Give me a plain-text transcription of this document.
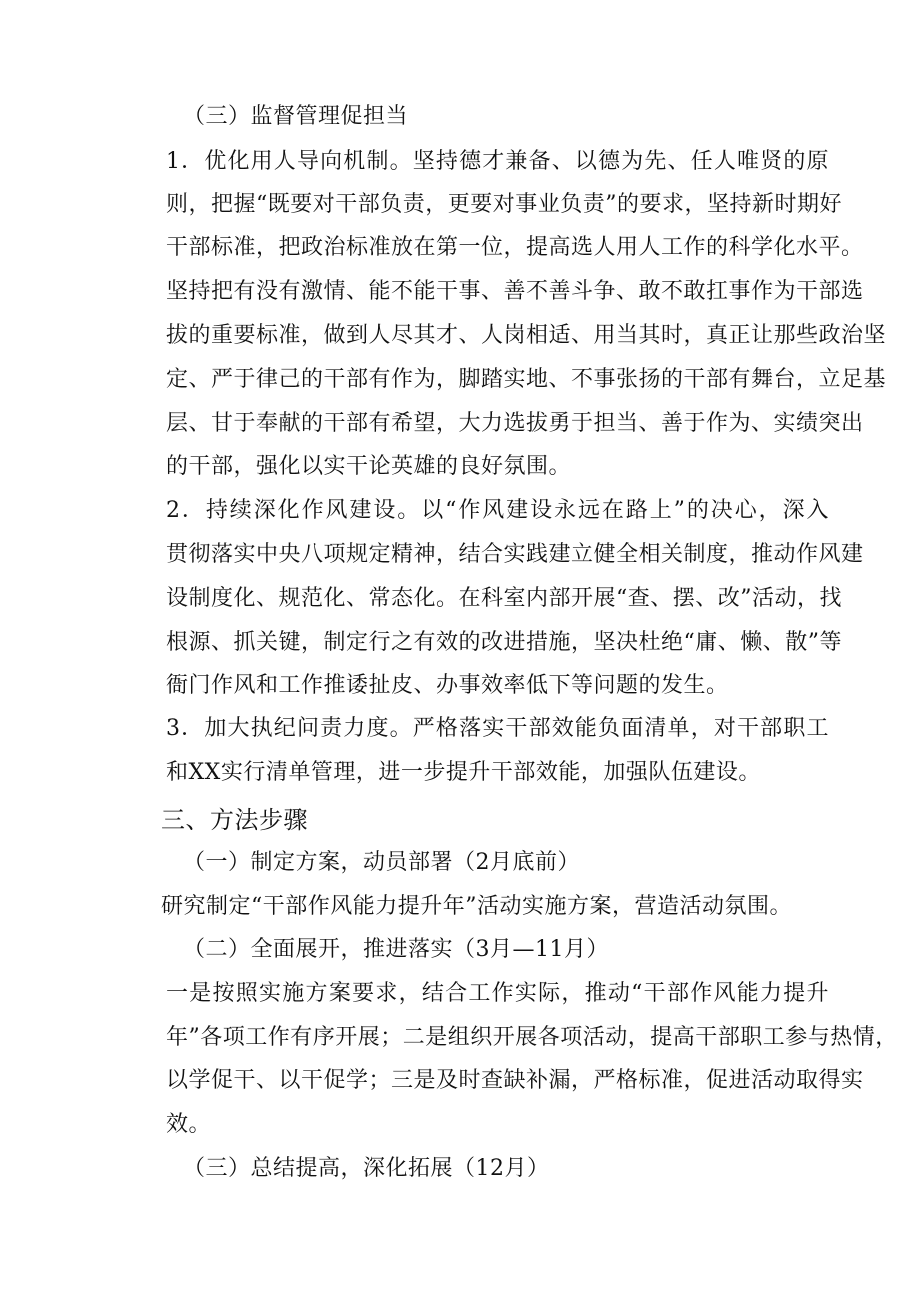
（三）监督管理促担当
1．优化用人导向机制。坚持德才兼备、以德为先、任人唯贤的原
则，把握“既要对干部负责，更要对事业负责”的要求，坚持新时期好
干部标准，把政治标准放在第一位，提高选人用人工作的科学化水平。
坚持把有没有激情、能不能干事、善不善斗争、敢不敢扛事作为干部选
拔的重要标准，做到人尽其才、人岗相适、用当其时，真正让那些政治坚
定、严于律己的干部有作为，脚踏实地、不事张扬的干部有舞台，立足基
层、甘于奉献的干部有希望，大力选拔勇于担当、善于作为、实绩突出
的干部，强化以实干论英雄的良好氛围。
2．持续深化作风建设。以“作风建设永远在路上”的决心，深入
贯彻落实中央八项规定精神，结合实践建立健全相关制度，推动作风建
设制度化、规范化、常态化。在科室内部开展“查、摆、改”活动，找
根源、抓关键，制定行之有效的改进措施，坚决杜绝“庸、懒、散”等
衙门作风和工作推诿扯皮、办事效率低下等问题的发生。
3．加大执纪问责力度。严格落实干部效能负面清单，对干部职工
和XX实行清单管理，进一步提升干部效能，加强队伍建设。
三、方法步骤
（一）制定方案，动员部署（2月底前）
研究制定“干部作风能力提升年”活动实施方案，营造活动氛围。
（二）全面展开，推进落实（3月—11月）
一是按照实施方案要求，结合工作实际，推动“干部作风能力提升
年”各项工作有序开展；二是组织开展各项活动，提高干部职工参与热情，
以学促干、以干促学；三是及时查缺补漏，严格标准，促进活动取得实
效。
（三）总结提高，深化拓展（12月）
